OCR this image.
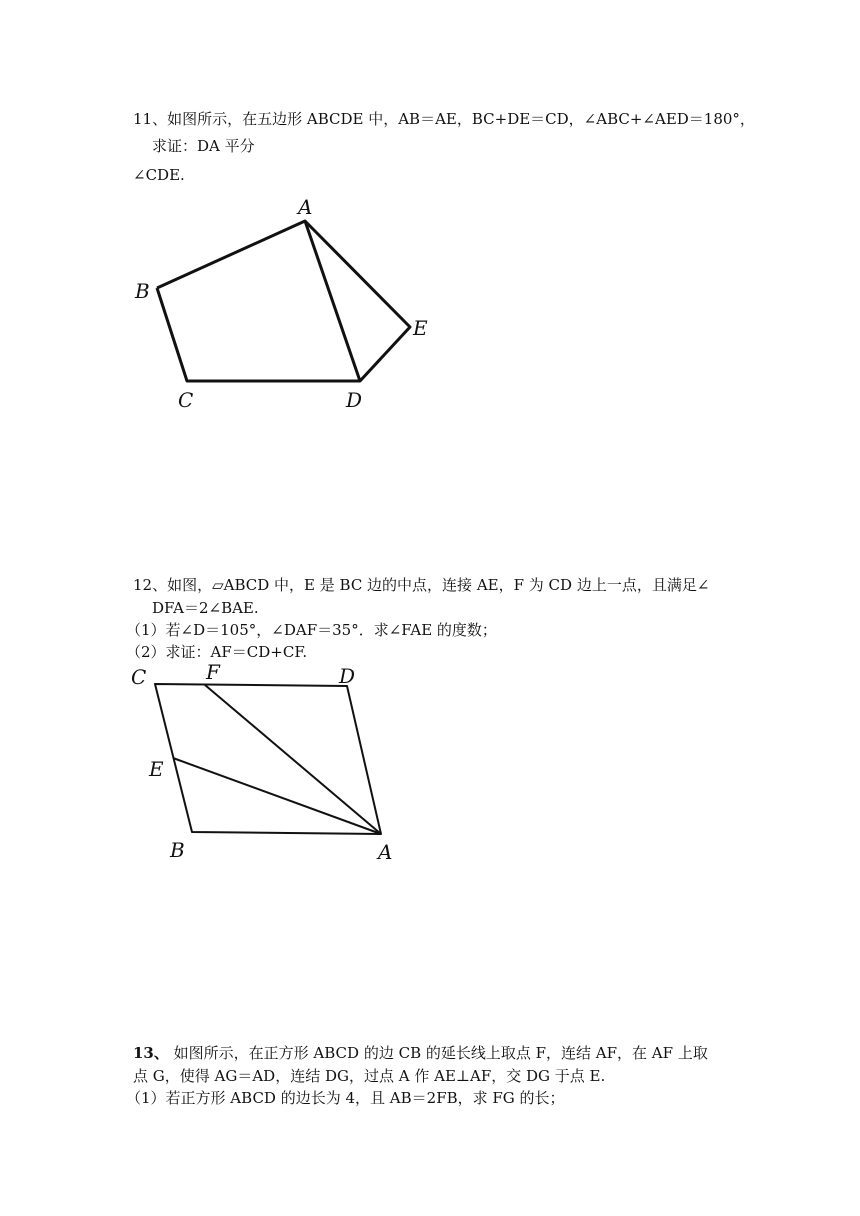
11、如图所示，在五边形 ABCDE 中，AB＝AE，BC+DE＝CD，∠ABC+∠AED＝180°，
求证：DA 平分
∠CDE.
A
B
C	D
E
12、如图，▱ABCD 中，E 是 BC 边的中点，连接 AE，F 为 CD 边上一点，且满足∠
DFA＝2∠BAE.
（1）若∠D＝105°，∠DAF＝35°．求∠FAE 的度数；
（2）求证：AF＝CD+CF.
C	F	D
E
B	A
13、 如图所示，在正方形 ABCD 的边 CB 的延长线上取点 F，连结 AF，在 AF 上取
点 G，使得 AG＝AD，连结 DG，过点 A 作 AE⊥AF，交 DG 于点 E.
（1）若正方形 ABCD 的边长为 4，且 AB＝2FB，求 FG 的长；
